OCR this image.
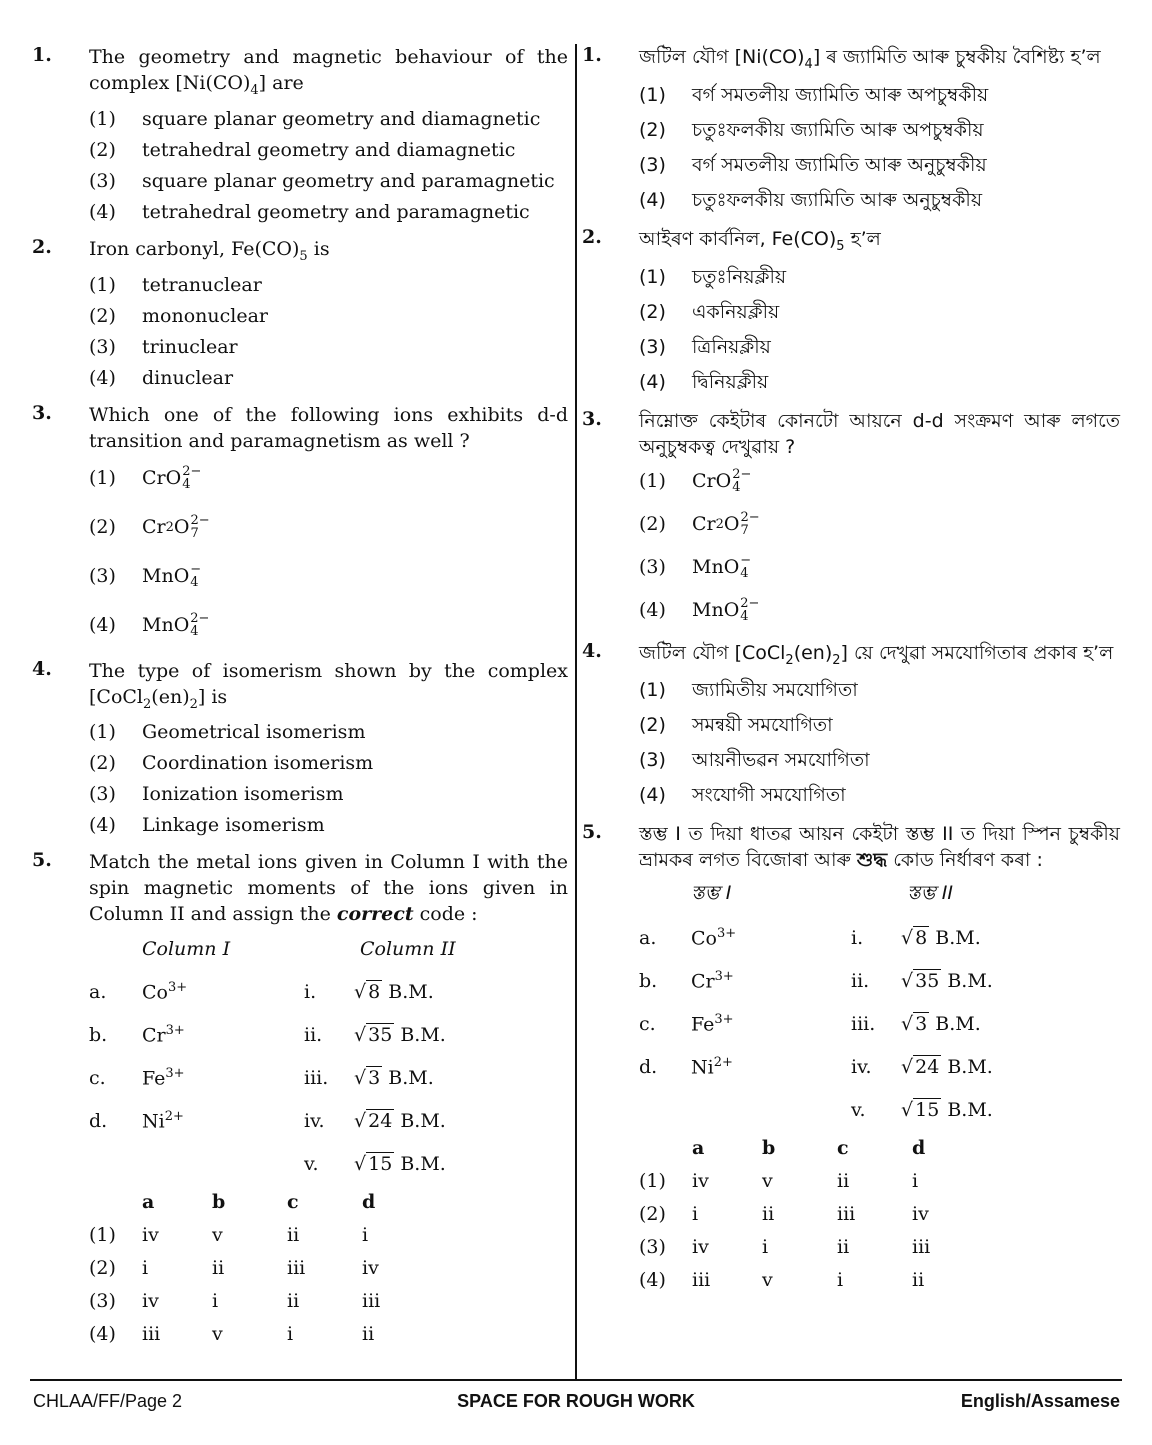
1. The geometry and magnetic behaviour of the complex $[Ni(CO)_4]$ are
(1)	square planar geometry and diamagnetic
(2)	tetrahedral geometry and diamagnetic
(3)	square planar geometry and paramagnetic
(4)	tetrahedral geometry and paramagnetic
2. Iron carbonyl, $Fe(CO)_5$ is
(1)	tetranuclear
(2)	mononuclear
(3)	trinuclear
(4)	dinuclear
3. Which one of the following ions exhibits d-d transition and paramagnetism as well ?
(1)	CrO 2−
4
(2)	Cr 2 O 2−
7
(3)	MnO −
4
(4)	MnO 2−
4
4. The type of isomerism shown by the complex $[CoCl_2(en)_2]$ is
(1)	Geometrical isomerism
(2)	Coordination isomerism
(3)	Ionization isomerism
(4)	Linkage isomerism
5. Match the metal ions given in Column I with the spin magnetic moments of the ions given in Column II and assign the correct code :
Column I		Column II	
a.	$Co^{3+}$	i.	√ 8 B.M.
b.	$Cr^{3+}$	ii.	√ 35 B.M.
c.	$Fe^{3+}$	iii.	√ 3 B.M.
d.	$Ni^{2+}$	iv.	√ 24 B.M.
		v.	√ 15 B.M.
	a	b	c	d
(1)	iv	v	ii	i
(2)	i	ii	iii	iv
(3)	iv	i	ii	iii
(4)	iii	v	i	ii
1. জটিল যৌগ $[Ni(CO)_4]$ ৰ জ্যামিতি আৰু চুম্বকীয় বৈশিষ্ট্য হ’ল
(1)	বৰ্গ সমতলীয় জ্যামিতি আৰু অপচুম্বকীয়
(2)	চতুঃফলকীয় জ্যামিতি আৰু অপচুম্বকীয়
(3)	বৰ্গ সমতলীয় জ্যামিতি আৰু অনুচুম্বকীয়
(4)	চতুঃফলকীয় জ্যামিতি আৰু অনুচুম্বকীয়
2. আইৰণ কাৰ্বনিল, $Fe(CO)_5$ হ’ল
(1)	চতুঃনিয়ক্লীয়
(2)	একনিয়ক্লীয়
(3)	ত্ৰিনিয়ক্লীয়
(4)	দ্বিনিয়ক্লীয়
3. নিম্নোক্ত কেইটাৰ কোনটো আয়নে d-d সংক্ৰমণ আৰু লগতে অনুচুম্বকত্ব দেখুৱায় ?
(1)	CrO 2−
4
(2)	Cr 2 O 2−
7
(3)	MnO −
4
(4)	MnO 2−
4
4. জটিল যৌগ $[CoCl_2(en)_2]$ য়ে দেখুৱা সমযোগিতাৰ প্ৰকাৰ হ’ল
(1)	জ্যামিতীয় সমযোগিতা
(2)	সমন্বয়ী সমযোগিতা
(3)	আয়নীভৱন সমযোগিতা
(4)	সংযোগী সমযোগিতা
5. স্তম্ভ I ত দিয়া ধাতৱ আয়ন কেইটা স্তম্ভ II ত দিয়া স্পিন চুম্বকীয় ভ্ৰামকৰ লগত বিজোৰা আৰু শুদ্ধ কোড নিৰ্ধাৰণ কৰা :
স্তম্ভ I		স্তম্ভ II	
a.	$Co^{3+}$	i.	√ 8 B.M.
b.	$Cr^{3+}$	ii.	√ 35 B.M.
c.	$Fe^{3+}$	iii.	√ 3 B.M.
d.	$Ni^{2+}$	iv.	√ 24 B.M.
		v.	√ 15 B.M.
	a	b	c	d
(1)	iv	v	ii	i
(2)	i	ii	iii	iv
(3)	iv	i	ii	iii
(4)	iii	v	i	ii
CHLAA/FF/Page 2	SPACE FOR ROUGH WORK	English/Assamese
